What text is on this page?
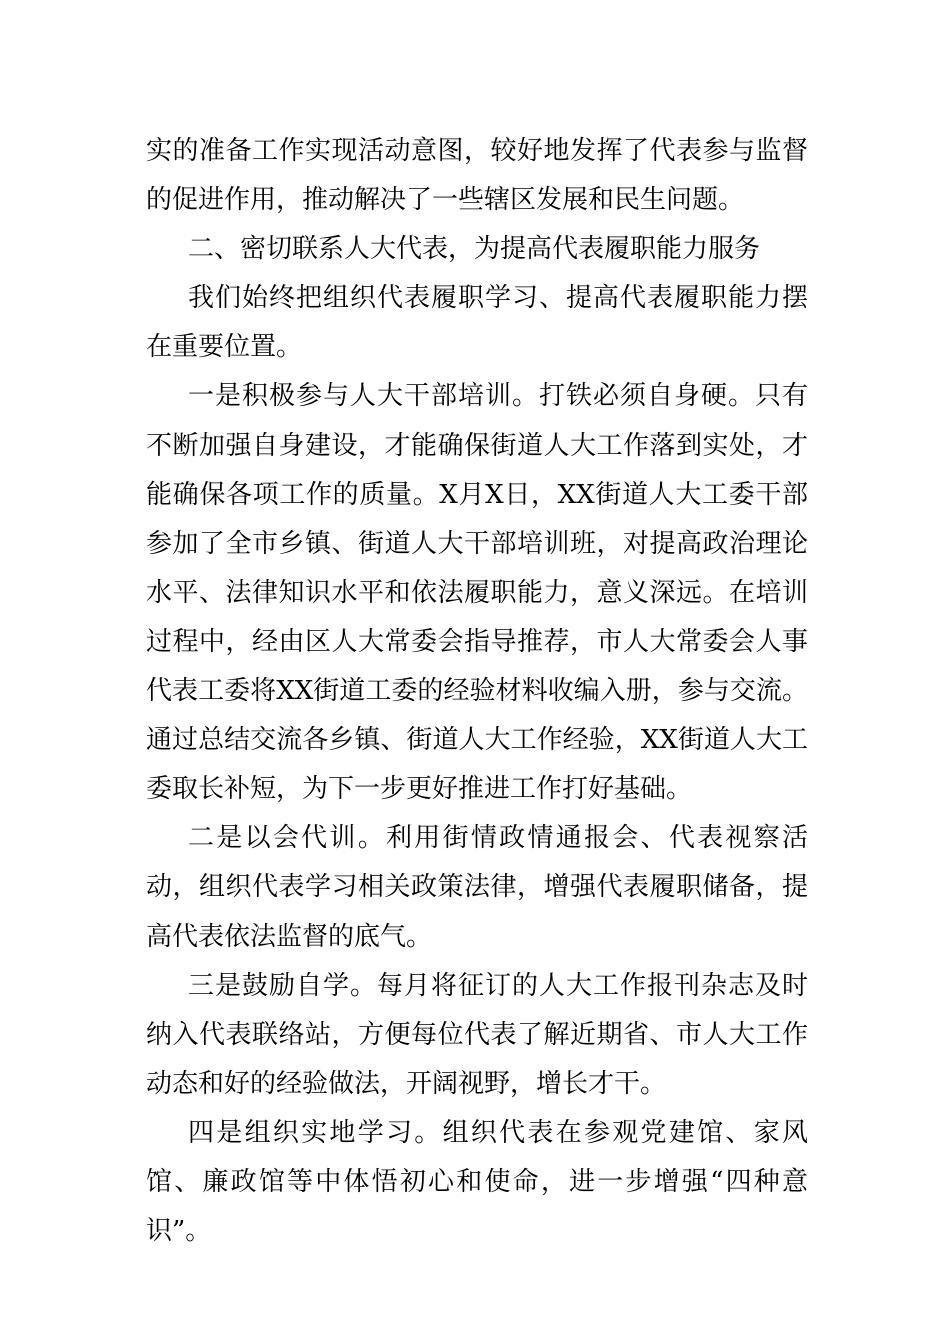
实的准备工作实现活动意图，较好地发挥了代表参与监督的促进作用，推动解决了一些辖区发展和民生问题。

二、密切联系人大代表，为提高代表履职能力服务

我们始终把组织代表履职学习、提高代表履职能力摆在重要位置。

一是积极参与人大干部培训。打铁必须自身硬。只有不断加强自身建设，才能确保街道人大工作落到实处，才能确保各项工作的质量。X月X日，XX街道人大工委干部参加了全市乡镇、街道人大干部培训班，对提高政治理论水平、法律知识水平和依法履职能力，意义深远。在培训过程中，经由区人大常委会指导推荐，市人大常委会人事代表工委将XX街道工委的经验材料收编入册，参与交流。通过总结交流各乡镇、街道人大工作经验，XX街道人大工委取长补短，为下一步更好推进工作打好基础。

二是以会代训。利用街情政情通报会、代表视察活动，组织代表学习相关政策法律，增强代表履职储备，提高代表依法监督的底气。

三是鼓励自学。每月将征订的人大工作报刊杂志及时纳入代表联络站，方便每位代表了解近期省、市人大工作动态和好的经验做法，开阔视野，增长才干。

四是组织实地学习。组织代表在参观党建馆、家风馆、廉政馆等中体悟初心和使命，进一步增强“四种意识”。
